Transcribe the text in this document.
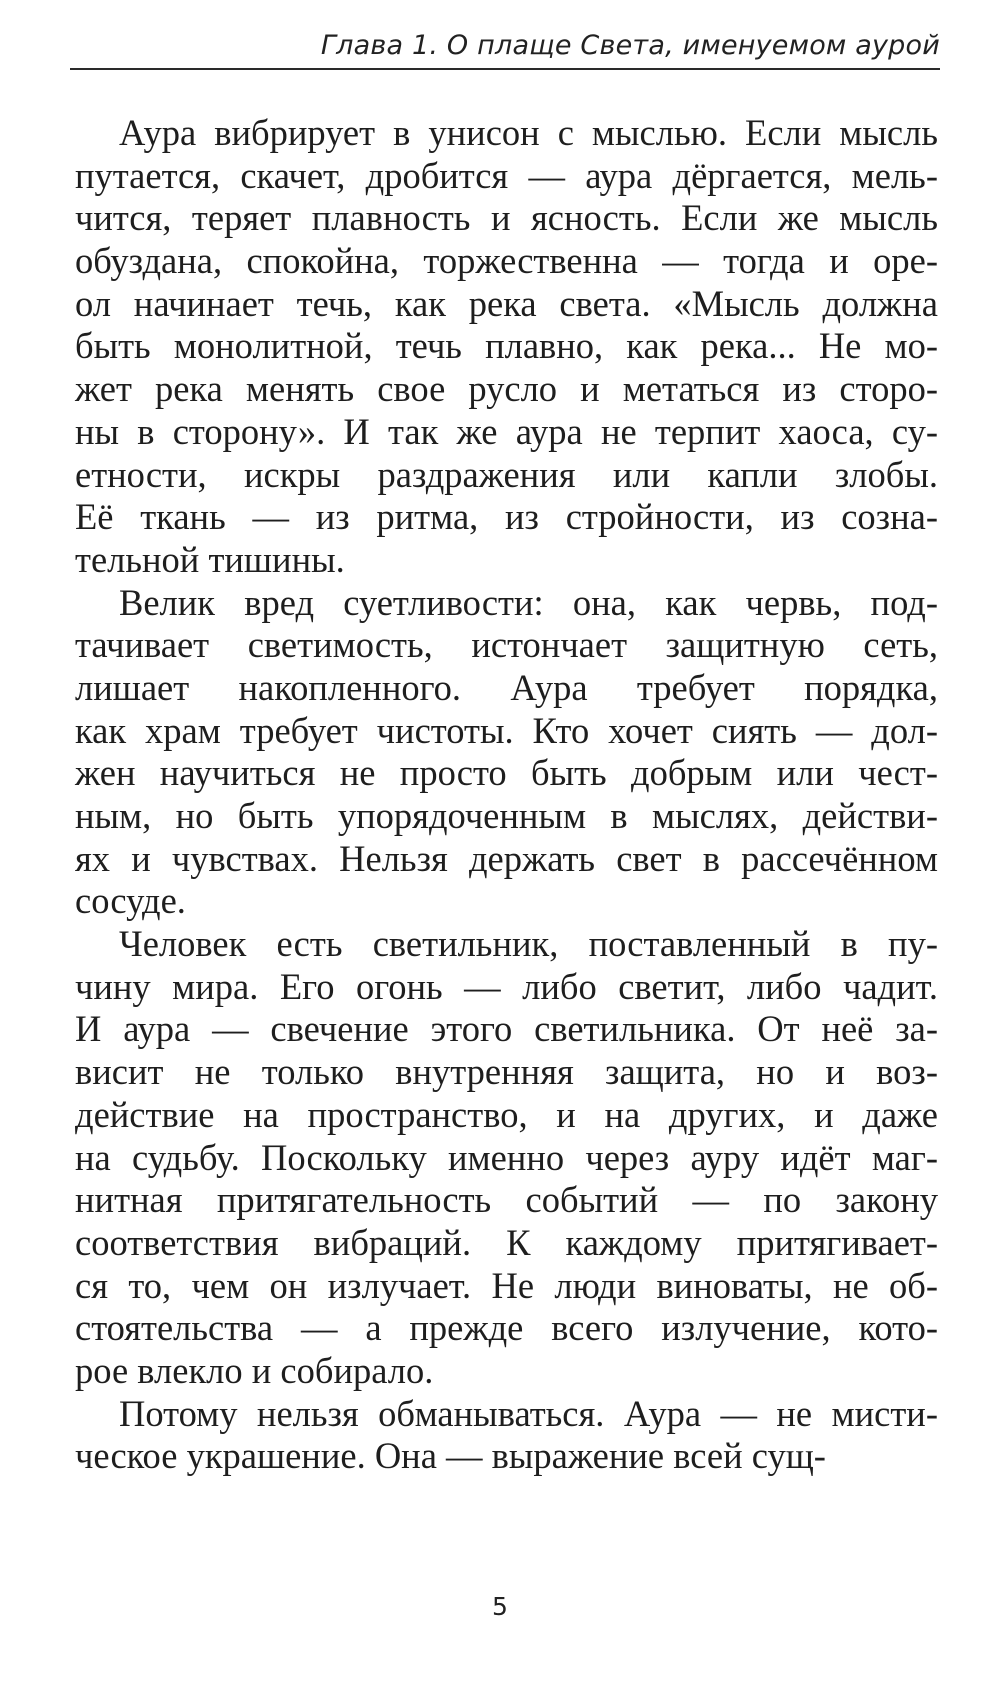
Глава 1. О плаще Света, именуемом аурой
Аура вибрирует в унисон с мыслью. Если мысль
путается, скачет, дробится — аура дёргается, мель-
чится, теряет плавность и ясность. Если же мысль
обуздана, спокойна, торжественна — тогда и оре-
ол начинает течь, как река света. «Мысль должна
быть монолитной, течь плавно, как река... Не мо-
жет река менять свое русло и метаться из сторо-
ны в сторону». И так же аура не терпит хаоса, су-
етности, искры раздражения или капли злобы.
Её ткань — из ритма, из стройности, из созна-
тельной тишины.
Велик вред суетливости: она, как червь, под-
тачивает светимость, истончает защитную сеть,
лишает накопленного. Аура требует порядка,
как храм требует чистоты. Кто хочет сиять — дол-
жен научиться не просто быть добрым или чест-
ным, но быть упорядоченным в мыслях, действи-
ях и чувствах. Нельзя держать свет в рассечённом
сосуде.
Человек есть светильник, поставленный в пу-
чину мира. Его огонь — либо светит, либо чадит.
И аура — свечение этого светильника. От неё за-
висит не только внутренняя защита, но и воз-
действие на пространство, и на других, и даже
на судьбу. Поскольку именно через ауру идёт маг-
нитная притягательность событий — по закону
соответствия вибраций. К каждому притягивает-
ся то, чем он излучает. Не люди виноваты, не об-
стоятельства — а прежде всего излучение, кото-
рое влекло и собирало.
Потому нельзя обманываться. Аура — не мисти-
ческое украшение. Она — выражение всей сущ-
5
